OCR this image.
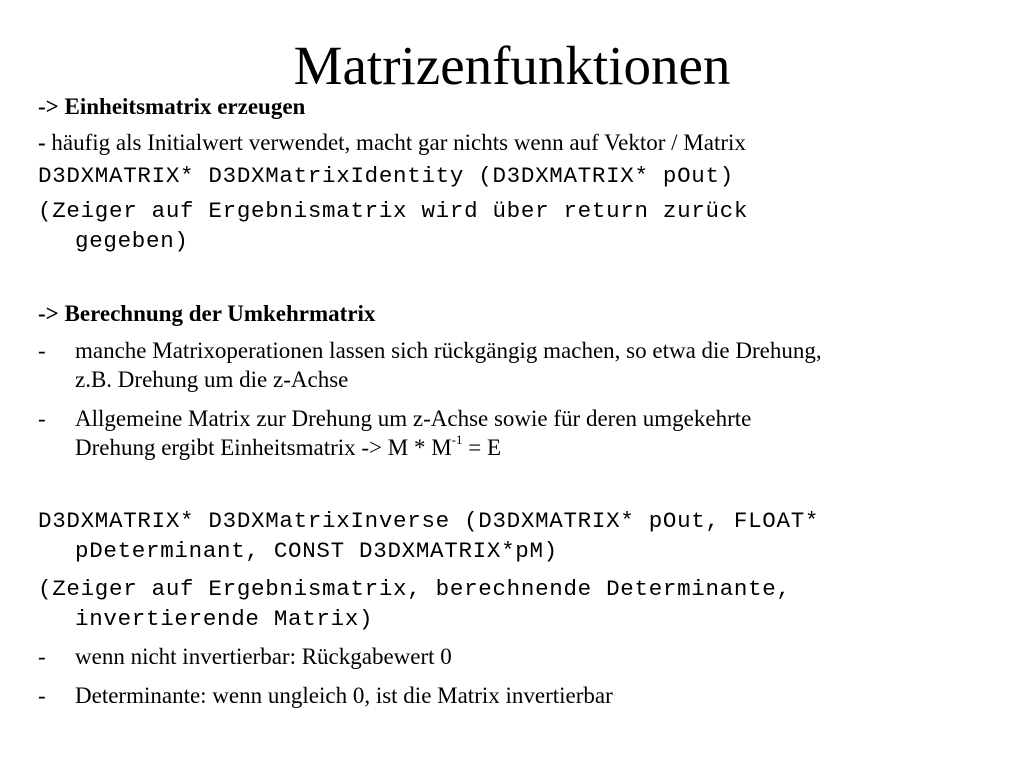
Matrizenfunktionen
-> Einheitsmatrix erzeugen
- häufig als Initialwert verwendet, macht gar nichts wenn auf Vektor / Matrix
D3DXMATRIX* D3DXMatrixIdentity (D3DXMATRIX* pOut)
(Zeiger auf Ergebnismatrix wird über return zurück
gegeben)
-> Berechnung der Umkehrmatrix
-	manche Matrixoperationen lassen sich rückgängig machen, so etwa die Drehung,
z.B. Drehung um die z-Achse
-	Allgemeine Matrix zur Drehung um z-Achse sowie für deren umgekehrte
Drehung ergibt Einheitsmatrix -> $M * M^{-1} = E$
D3DXMATRIX* D3DXMatrixInverse (D3DXMATRIX* pOut, FLOAT*
pDeterminant, CONST D3DXMATRIX*pM)
(Zeiger auf Ergebnismatrix, berechnende Determinante,
invertierende Matrix)
-	wenn nicht invertierbar: Rückgabewert 0
-	Determinante: wenn ungleich 0, ist die Matrix invertierbar
